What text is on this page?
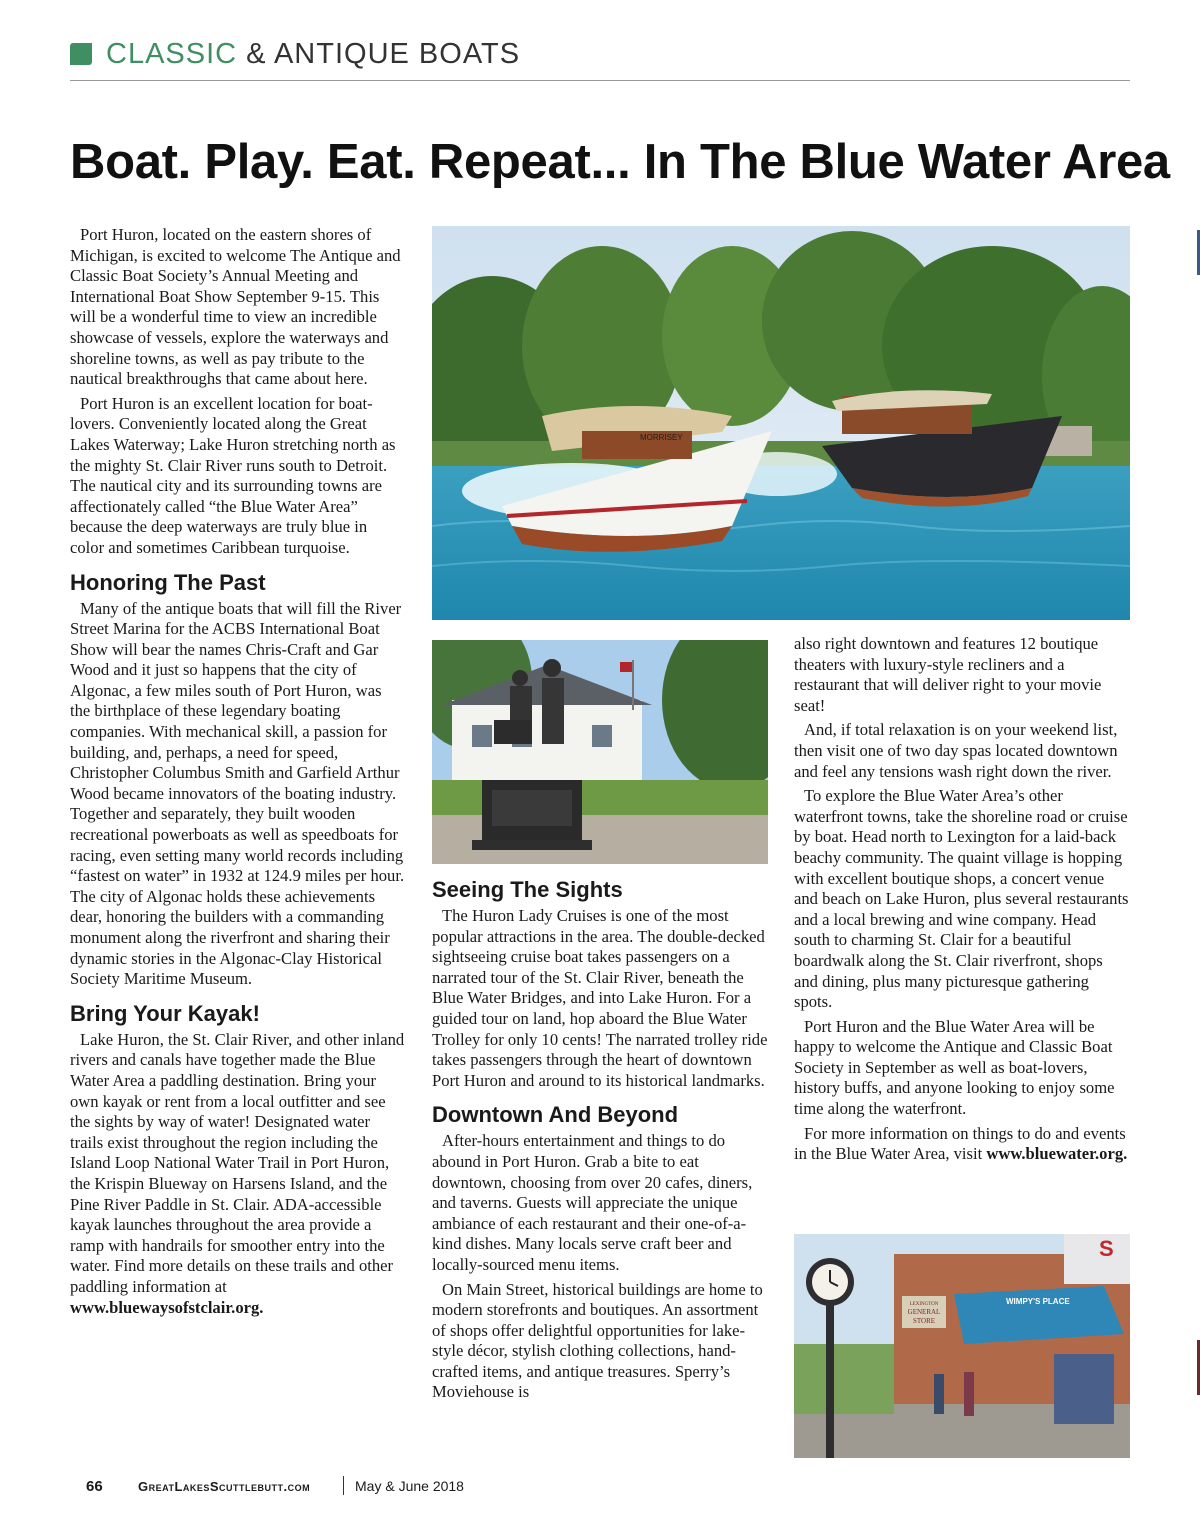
CLASSIC & ANTIQUE BOATS
Boat. Play. Eat. Repeat... In The Blue Water Area

Port Huron, located on the eastern shores of Michigan, is excited to welcome The Antique and Classic Boat Society’s Annual Meeting and International Boat Show September 9-15. This will be a wonderful time to view an incredible showcase of vessels, explore the waterways and shoreline towns, as well as pay tribute to the nautical breakthroughs that came about here.

Port Huron is an excellent location for boat-lovers. Conveniently located along the Great Lakes Waterway; Lake Huron stretching north as the mighty St. Clair River runs south to Detroit. The nautical city and its surrounding towns are affectionately called “the Blue Water Area” because the deep waterways are truly blue in color and sometimes Caribbean turquoise.

Honoring The Past

Many of the antique boats that will fill the River Street Marina for the ACBS International Boat Show will bear the names Chris-Craft and Gar Wood and it just so happens that the city of Algonac, a few miles south of Port Huron, was the birthplace of these legendary boating companies. With mechanical skill, a passion for building, and, perhaps, a need for speed, Christopher Columbus Smith and Garfield Arthur Wood became innovators of the boating industry. Together and separately, they built wooden recreational powerboats as well as speedboats for racing, even setting many world records including “fastest on water” in 1932 at 124.9 miles per hour. The city of Algonac holds these achievements dear, honoring the builders with a commanding monument along the riverfront and sharing their dynamic stories in the Algonac-Clay Historical Society Maritime Museum.

Bring Your Kayak!

Lake Huron, the St. Clair River, and other inland rivers and canals have together made the Blue Water Area a paddling destination. Bring your own kayak or rent from a local outfitter and see the sights by way of water! Designated water trails exist throughout the region including the Island Loop National Water Trail in Port Huron, the Krispin Blueway on Harsens Island, and the Pine River Paddle in St. Clair. ADA-accessible kayak launches throughout the area provide a ramp with handrails for smoother entry into the water. Find more details on these trails and other paddling information at www.bluewaysofstclair.org.

MORRISEY
Seeing The Sights

The Huron Lady Cruises is one of the most popular attractions in the area. The double-decked sightseeing cruise boat takes passengers on a narrated tour of the St. Clair River, beneath the Blue Water Bridges, and into Lake Huron. For a guided tour on land, hop aboard the Blue Water Trolley for only 10 cents! The narrated trolley ride takes passengers through the heart of downtown Port Huron and around to its historical landmarks.

Downtown And Beyond

After-hours entertainment and things to do abound in Port Huron. Grab a bite to eat downtown, choosing from over 20 cafes, diners, and taverns. Guests will appreciate the unique ambiance of each restaurant and their one-of-a-kind dishes. Many locals serve craft beer and locally-sourced menu items.

On Main Street, historical buildings are home to modern storefronts and boutiques. An assortment of shops offer delightful opportunities for lake-style décor, stylish clothing collections, hand-crafted items, and antique treasures. Sperry’s Moviehouse is

also right downtown and features 12 boutique theaters with luxury-style recliners and a restaurant that will deliver right to your movie seat!

And, if total relaxation is on your weekend list, then visit one of two day spas located downtown and feel any tensions wash right down the river.

To explore the Blue Water Area’s other waterfront towns, take the shoreline road or cruise by boat. Head north to Lexington for a laid-back beachy community. The quaint village is hopping with excellent boutique shops, a concert venue and beach on Lake Huron, plus several restaurants and a local brewing and wine company. Head south to charming St. Clair for a beautiful boardwalk along the St. Clair riverfront, shops and dining, plus many picturesque gathering spots.

Port Huron and the Blue Water Area will be happy to welcome the Antique and Classic Boat Society in September as well as boat-lovers, history buffs, and anyone looking to enjoy some time along the waterfront.

For more information on things to do and events in the Blue Water Area, visit www.bluewater.org.

S
WIMPY'S PLACE
LEXINGTON
GENERAL
STORE
66	GreatLakesScuttlebutt.com	May & June 2018
